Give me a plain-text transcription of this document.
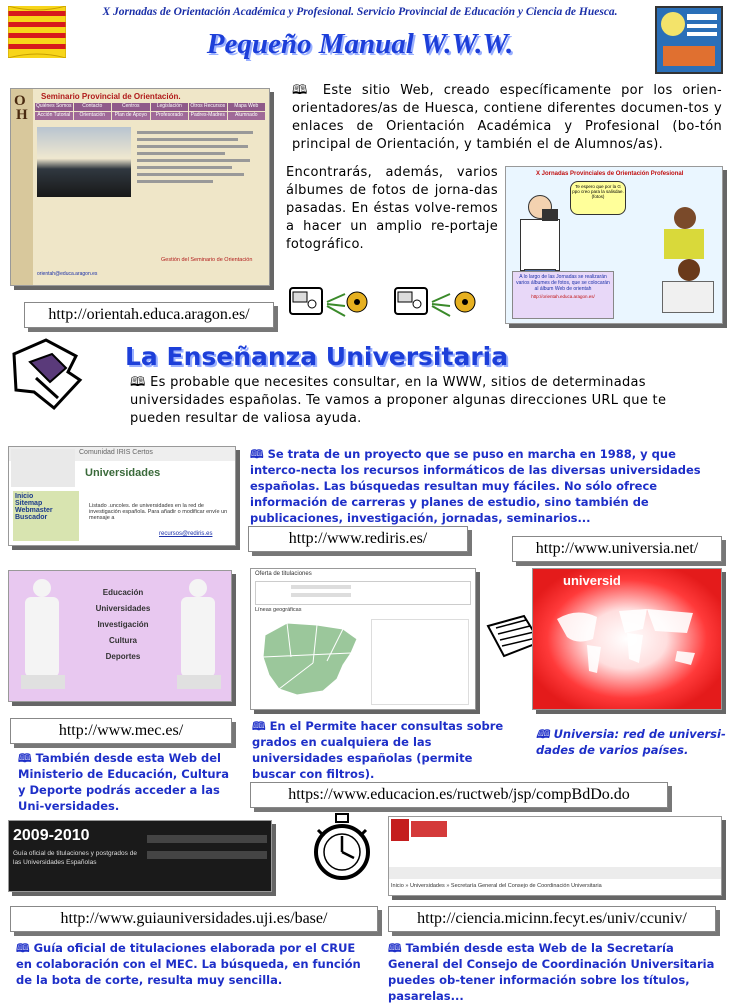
X Jornadas de Orientación Académica y Profesional. Servicio Provincial de Educación y Ciencia de Huesca.
Pequeño Manual W.W.W.
O
H
Seminario Provincial de Orientación.
Quiénes Somos	Contacto	Centros	Legislación	Otros Recursos	Mapa Web
Acción Tutorial	Orientación	Plan de Apoyo	Profesorado	Padres-Madres	Alumnado
Gestión del Seminario de Orientación
orientah@educa.aragon.es
🕮 Este sitio Web, creado específicamente por los orien-orientadores/as de Huesca, contiene diferentes documen-tos y enlaces de Orientación Académica y Profesional (bo-tón principal de Orientación, y también el de Alumnos/as).
Encontrarás, además, varios álbumes de fotos de jorna-das pasadas. En éstas volve-remos a hacer un amplio re-portaje fotográfico.
X Jornadas Provinciales de Orientación Profesional
Te espero que por la G ppo creo para la salisdae. (fotos)
A lo largo de las Jornadas se realizarán varios álbumes de fotos, que se colocarán al álbum Web de orientah
http://orientah.educa.aragon.es/
http://orientah.educa.aragon.es/
La Enseñanza Universitaria
🕮 Es probable que necesites consultar, en la WWW, sitios de determinadas universidades españolas. Te vamos a proponer algunas direcciones URL que te pueden resultar de valiosa ayuda.
Comunidad IRIS Certos
Universidades
Inicio
Sitemap
Webmaster
Buscador
Listado .uncoles. de universidades en la red de investigación española. Para añadir o modificar envíe un mensaje a
recursos@rediris.es
🕮 Se trata de un proyecto que se puso en marcha en 1988, y que interco-necta los recursos informáticos de las diversas universidades españolas. Las búsquedas resultan muy fáciles. No sólo ofrece información de carreras y planes de estudio, sino también de publicaciones, investigación, jornadas, seminarios...
http://www.rediris.es/
http://www.universia.net/
Educación
Universidades
Investigación
Cultura
Deportes
http://www.mec.es/
🕮 También desde esta Web del Ministerio de Educación, Cultura y Deporte podrás acceder a las Uni-versidades.
Oferta de titulaciones
Líneas geográficas
🕮 En el Permite hacer consultas sobre grados en cualquiera de las universidades españolas (permite buscar con filtros).
https://www.educacion.es/ructweb/jsp/compBdDo.do
universid
🕮 Universia: red de universi-dades de varios países.
2009-2010
Guía oficial de titulaciones y postgrados de las Universidades Españolas
http://www.guiauniversidades.uji.es/base/
🕮 Guía oficial de titulaciones elaborada por el CRUE en colaboración con el MEC. La búsqueda, en función de la bota de corte, resulta muy sencilla.
Inicio » Universidades » Secretaría General del Consejo de Coordinación Universitaria
http://ciencia.micinn.fecyt.es/univ/ccuniv/
🕮 También desde esta Web de la Secretaría General del Consejo de Coordinación Universitaria puedes ob-tener información sobre los títulos, pasarelas...
